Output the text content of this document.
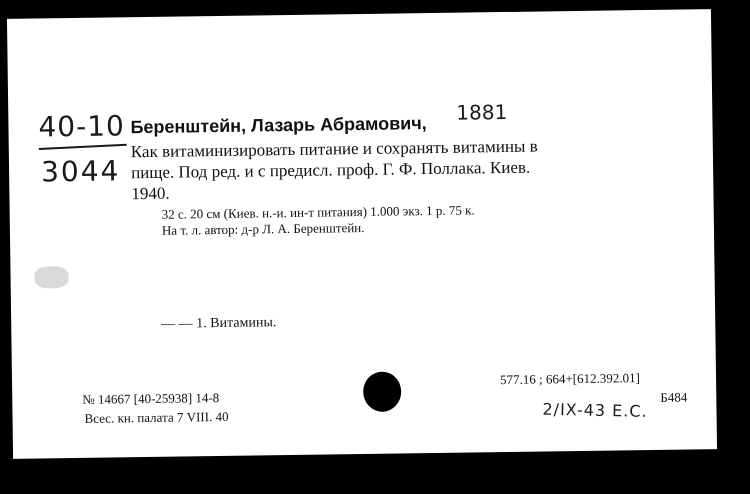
40-10
3044
Беренштейн, Лазарь Абрамович,
1881
Как витаминизировать питание и сохранять витамины в
пище. Под ред. и с предисл. проф. Г. Ф. Поллака. Киев.
1940.
32 с. 20 см (Киев. н.-и. ин-т питания) 1.000 экз. 1 р. 75 к.
На т. л. автор: д-р Л. А. Беренштейн.
— — 1. Витамины.
№ 14667 [40-25938] 14-8
Всес. кн. палата 7 VIII. 40
577.16 ; 664+[612.392.01]
Б484
2/IX-43 Е.С.
